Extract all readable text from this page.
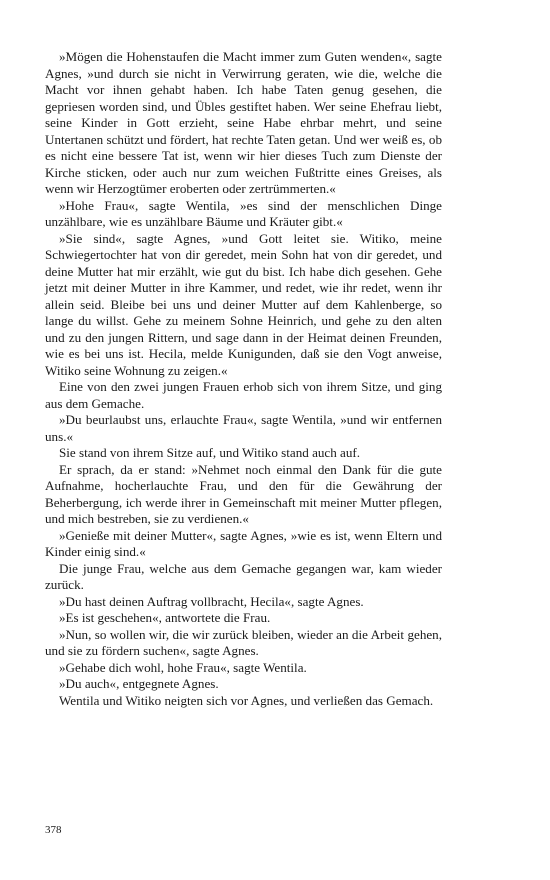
»Mögen die Hohenstaufen die Macht immer zum Guten wenden«, sagte Agnes, »und durch sie nicht in Verwirrung geraten, wie die, welche die Macht vor ihnen gehabt haben. Ich habe Taten genug gesehen, die gepriesen worden sind, und Übles gestiftet haben. Wer seine Ehefrau liebt, seine Kinder in Gott erzieht, seine Habe ehrbar mehrt, und seine Untertanen schützt und fördert, hat rechte Taten getan. Und wer weiß es, ob es nicht eine bessere Tat ist, wenn wir hier dieses Tuch zum Dienste der Kirche sticken, oder auch nur zum weichen Fußtritte eines Greises, als wenn wir Herzogtümer eroberten oder zertrümmerten.«

»Hohe Frau«, sagte Wentila, »es sind der menschlichen Dinge unzählbare, wie es unzählbare Bäume und Kräuter gibt.«

»Sie sind«, sagte Agnes, »und Gott leitet sie. Witiko, meine Schwiegertochter hat von dir geredet, mein Sohn hat von dir geredet, und deine Mutter hat mir erzählt, wie gut du bist. Ich habe dich gesehen. Gehe jetzt mit deiner Mutter in ihre Kammer, und redet, wie ihr redet, wenn ihr allein seid. Bleibe bei uns und deiner Mutter auf dem Kahlenberge, so lange du willst. Gehe zu meinem Sohne Heinrich, und gehe zu den alten und zu den jungen Rittern, und sage dann in der Heimat deinen Freunden, wie es bei uns ist. Hecila, melde Kunigunden, daß sie den Vogt anweise, Witiko seine Wohnung zu zeigen.«

Eine von den zwei jungen Frauen erhob sich von ihrem Sitze, und ging aus dem Gemache.

»Du beurlaubst uns, erlauchte Frau«, sagte Wentila, »und wir entfernen uns.«

Sie stand von ihrem Sitze auf, und Witiko stand auch auf.

Er sprach, da er stand: »Nehmet noch einmal den Dank für die gute Aufnahme, hocherlauchte Frau, und den für die Gewährung der Beherbergung, ich werde ihrer in Gemeinschaft mit meiner Mutter pflegen, und mich bestreben, sie zu verdienen.«

»Genieße mit deiner Mutter«, sagte Agnes, »wie es ist, wenn Eltern und Kinder einig sind.«

Die junge Frau, welche aus dem Gemache gegangen war, kam wieder zurück.

»Du hast deinen Auftrag vollbracht, Hecila«, sagte Agnes.

»Es ist geschehen«, antwortete die Frau.

»Nun, so wollen wir, die wir zurück bleiben, wieder an die Arbeit gehen, und sie zu fördern suchen«, sagte Agnes.

»Gehabe dich wohl, hohe Frau«, sagte Wentila.

»Du auch«, entgegnete Agnes.

Wentila und Witiko neigten sich vor Agnes, und verließen das Gemach.

378
